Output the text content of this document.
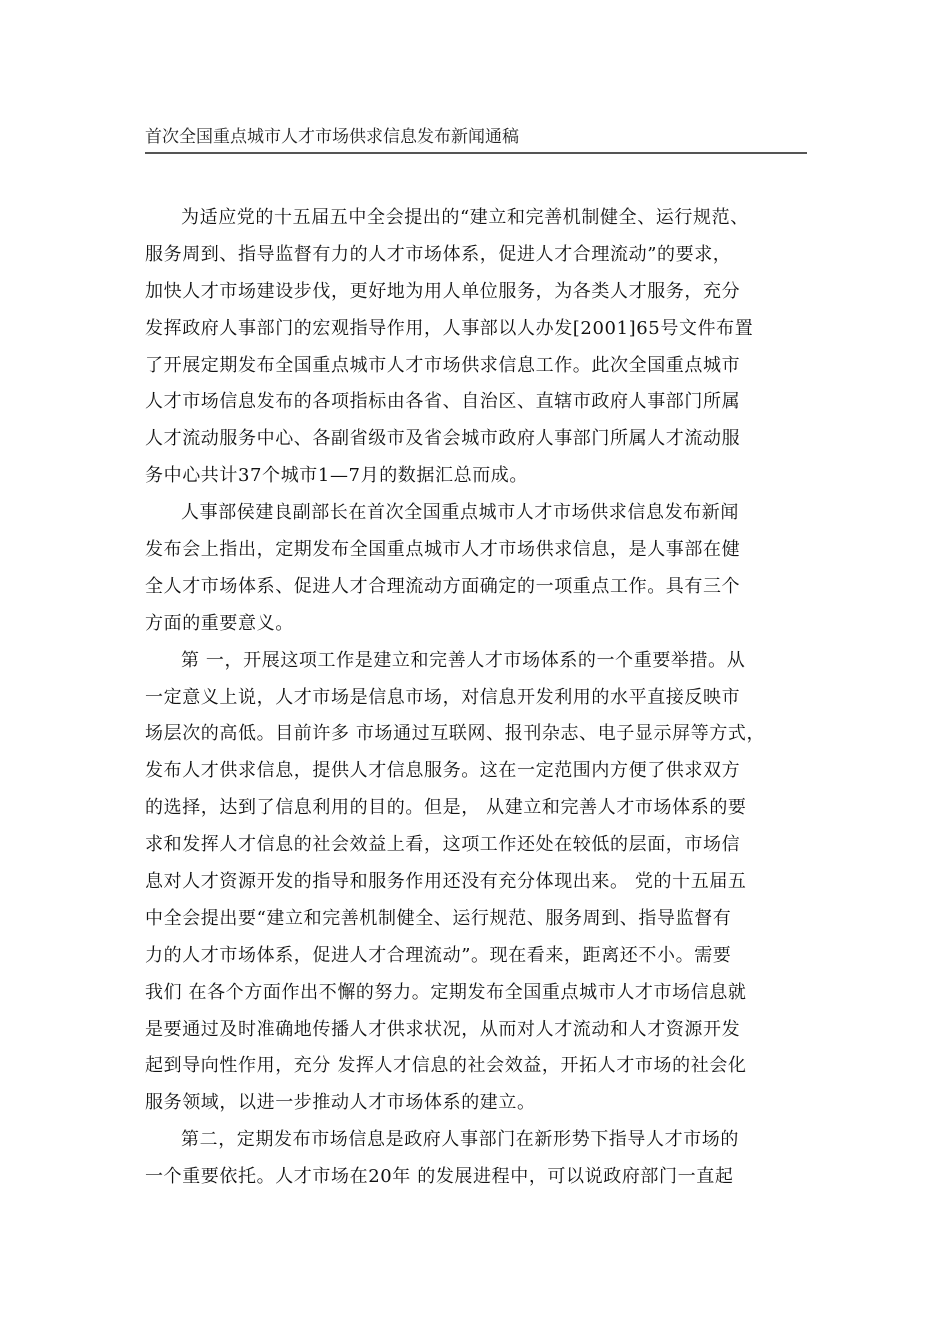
首次全国重点城市人才市场供求信息发布新闻通稿

为适应党的十五届五中全会提出的“建立和完善机制健全、运行规范、
服务周到、指导监督有力的人才市场体系，促进人才合理流动”的要求，
加快人才市场建设步伐，更好地为用人单位服务，为各类人才服务，充分
发挥政府人事部门的宏观指导作用，人事部以人办发[2001]65号文件布置
了开展定期发布全国重点城市人才市场供求信息工作。此次全国重点城市
人才市场信息发布的各项指标由各省、自治区、直辖市政府人事部门所属
人才流动服务中心、各副省级市及省会城市政府人事部门所属人才流动服
务中心共计37个城市1—7月的数据汇总而成。

人事部侯建良副部长在首次全国重点城市人才市场供求信息发布新闻
发布会上指出，定期发布全国重点城市人才市场供求信息，是人事部在健
全人才市场体系、促进人才合理流动方面确定的一项重点工作。具有三个
方面的重要意义。

第 一，开展这项工作是建立和完善人才市场体系的一个重要举措。从
一定意义上说，人才市场是信息市场，对信息开发利用的水平直接反映市
场层次的高低。目前许多 市场通过互联网、报刊杂志、电子显示屏等方式，
发布人才供求信息，提供人才信息服务。这在一定范围内方便了供求双方
的选择，达到了信息利用的目的。但是， 从建立和完善人才市场体系的要
求和发挥人才信息的社会效益上看，这项工作还处在较低的层面，市场信
息对人才资源开发的指导和服务作用还没有充分体现出来。 党的十五届五
中全会提出要“建立和完善机制健全、运行规范、服务周到、指导监督有
力的人才市场体系，促进人才合理流动”。现在看来，距离还不小。需要
我们 在各个方面作出不懈的努力。定期发布全国重点城市人才市场信息就
是要通过及时准确地传播人才供求状况，从而对人才流动和人才资源开发
起到导向性作用，充分 发挥人才信息的社会效益，开拓人才市场的社会化
服务领域，以进一步推动人才市场体系的建立。

第二，定期发布市场信息是政府人事部门在新形势下指导人才市场的
一个重要依托。人才市场在20年 的发展进程中，可以说政府部门一直起
